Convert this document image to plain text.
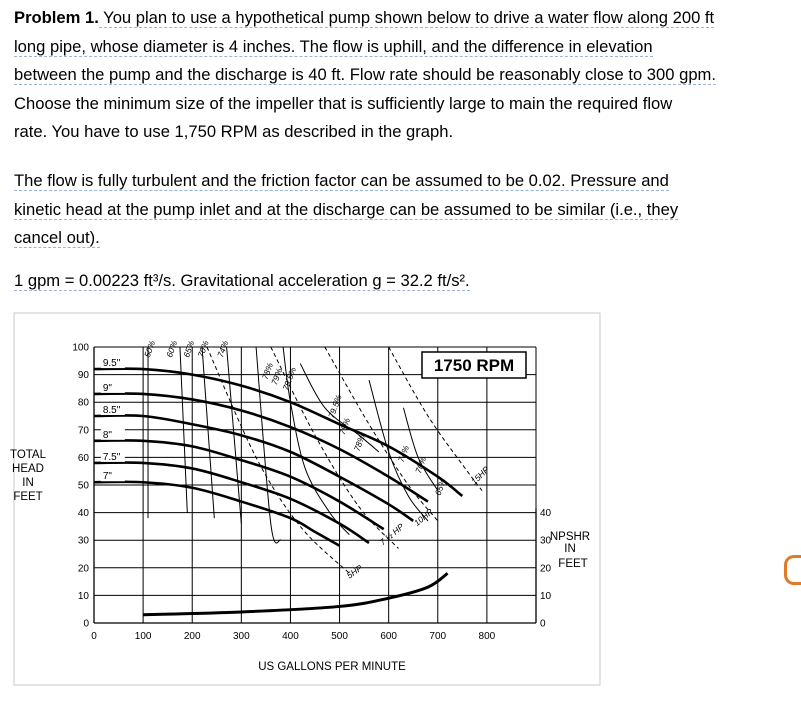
Problem 1. You plan to use a hypothetical pump shown below to drive a water flow along 200 ft

long pipe, whose diameter is 4 inches. The flow is uphill, and the difference in elevation

between the pump and the discharge is 40 ft. Flow rate should be reasonably close to 300 gpm.

Choose the minimum size of the impeller that is sufficiently large to main the required flow

rate. You have to use 1,750 RPM as described in the graph.

The flow is fully turbulent and the friction factor can be assumed to be 0.02. Pressure and

kinetic head at the pump inlet and at the discharge can be assumed to be similar (i.e., they

cancel out).

1 gpm = 0.00223 ft³/s. Gravitational acceleration g = 32.2 ft/s².

0
10
20
30
40
50
60
70
80
90
100
0	100	200	300	400	500	600	700	800
0
10
20
30
40
9.5"
9"
8.5"
8"
7.5"
7"
50% 60% 65% 70% 74%
78%
79%
79.5%
79.5%
79%
78%
74%
70%
65%
5HP
7 ½ HP
10HP
15HP
1750 RPM
TOTAL
HEAD
IN
FEET
NPSHR
IN
FEET
US GALLONS PER MINUTE
